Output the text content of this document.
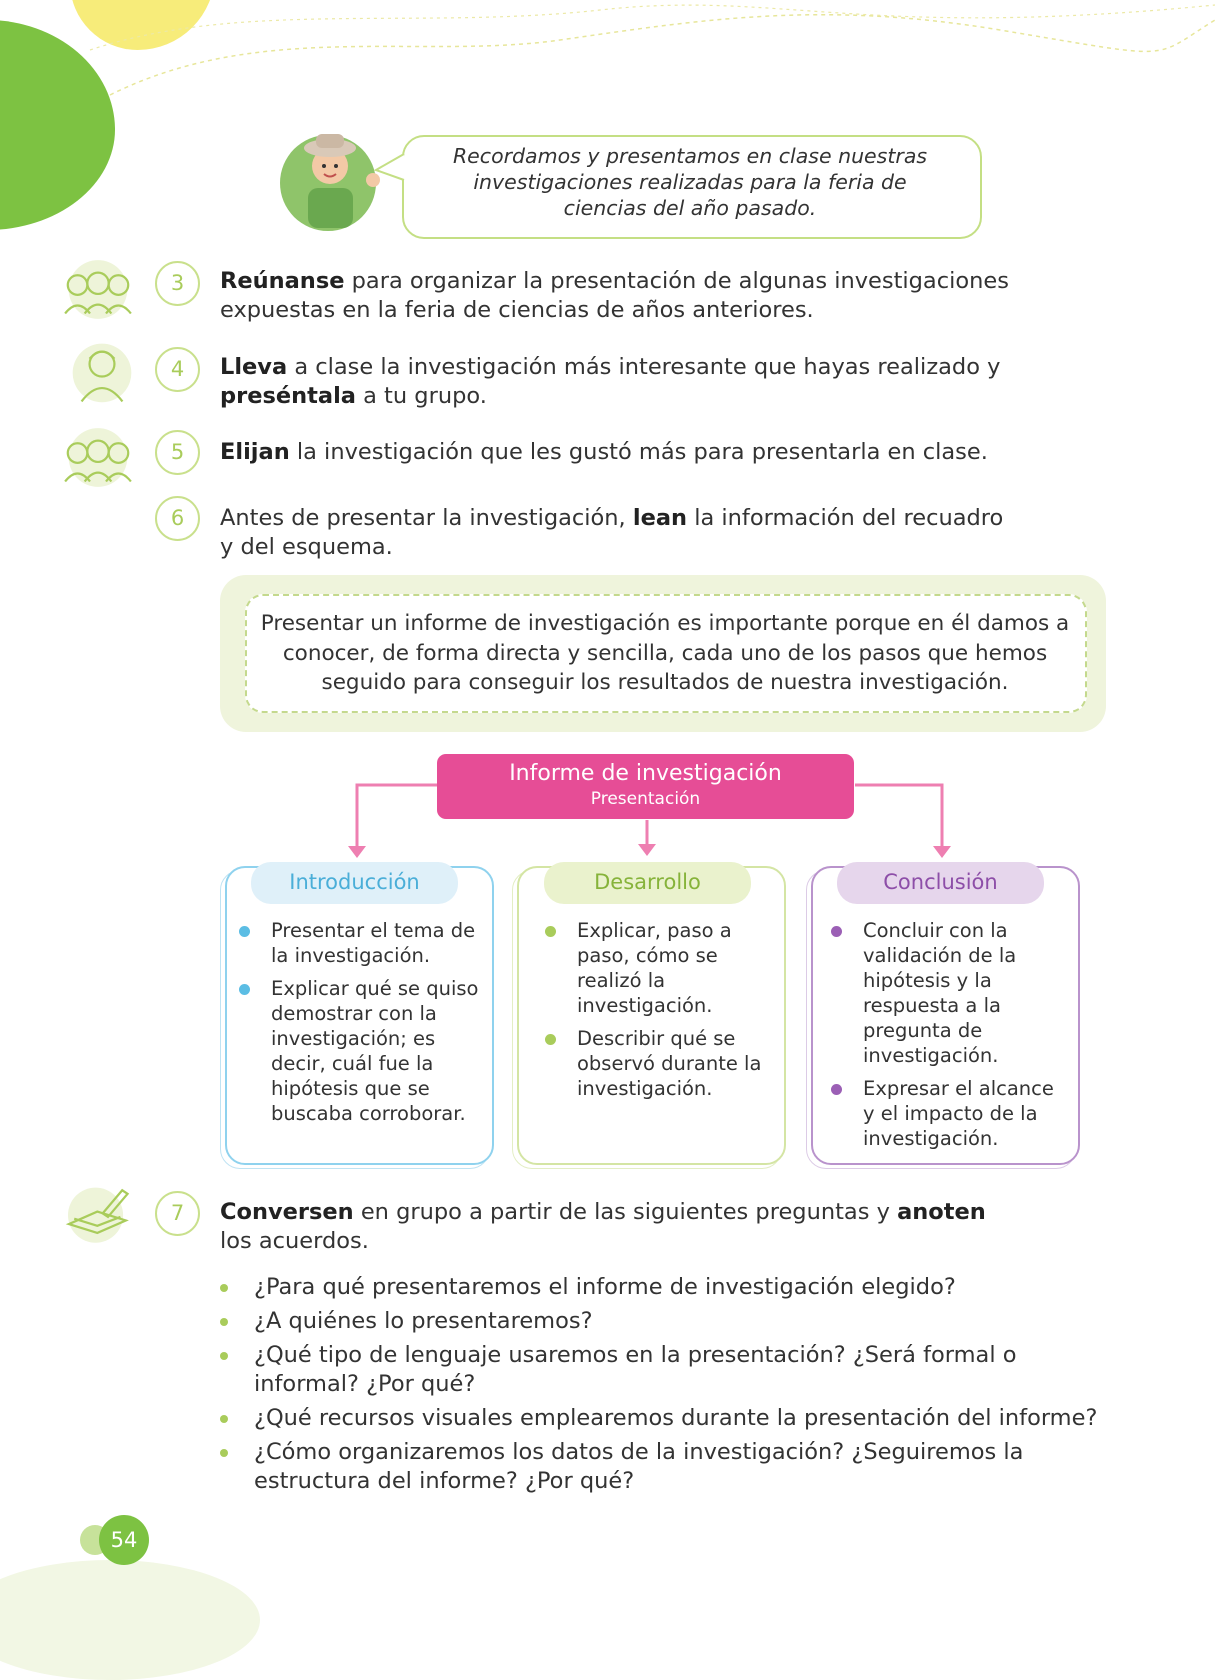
Recordamos y presentamos en clase nuestras investigaciones realizadas para la feria de ciencias del año pasado.
3	Reúnanse para organizar la presentación de algunas investigaciones expuestas en la feria de ciencias de años anteriores.
4	Lleva a clase la investigación más interesante que hayas realizado y preséntala a tu grupo.
5	Elijan la investigación que les gustó más para presentarla en clase.
6	Antes de presentar la investigación, lean la información del recuadro y del esquema.
Presentar un informe de investigación es importante porque en él damos a conocer, de forma directa y sencilla, cada uno de los pasos que hemos seguido para conseguir los resultados de nuestra investigación.
Informe de investigación
Presentación
Introducción
Presentar el tema de la investigación.
Explicar qué se quiso demostrar con la investigación; es decir, cuál fue la hipótesis que se buscaba corroborar.
Desarrollo
Explicar, paso a paso, cómo se realizó la investigación.
Describir qué se observó durante la investigación.
Conclusión
Concluir con la validación de la hipótesis y la respuesta a la pregunta de investigación.
Expresar el alcance y el impacto de la investigación.
7	Conversen en grupo a partir de las siguientes preguntas y anoten los acuerdos.
¿Para qué presentaremos el informe de investigación elegido?
¿A quiénes lo presentaremos?
¿Qué tipo de lenguaje usaremos en la presentación? ¿Será formal o informal? ¿Por qué?
¿Qué recursos visuales emplearemos durante la presentación del informe?
¿Cómo organizaremos los datos de la investigación? ¿Seguiremos la estructura del informe? ¿Por qué?
54
